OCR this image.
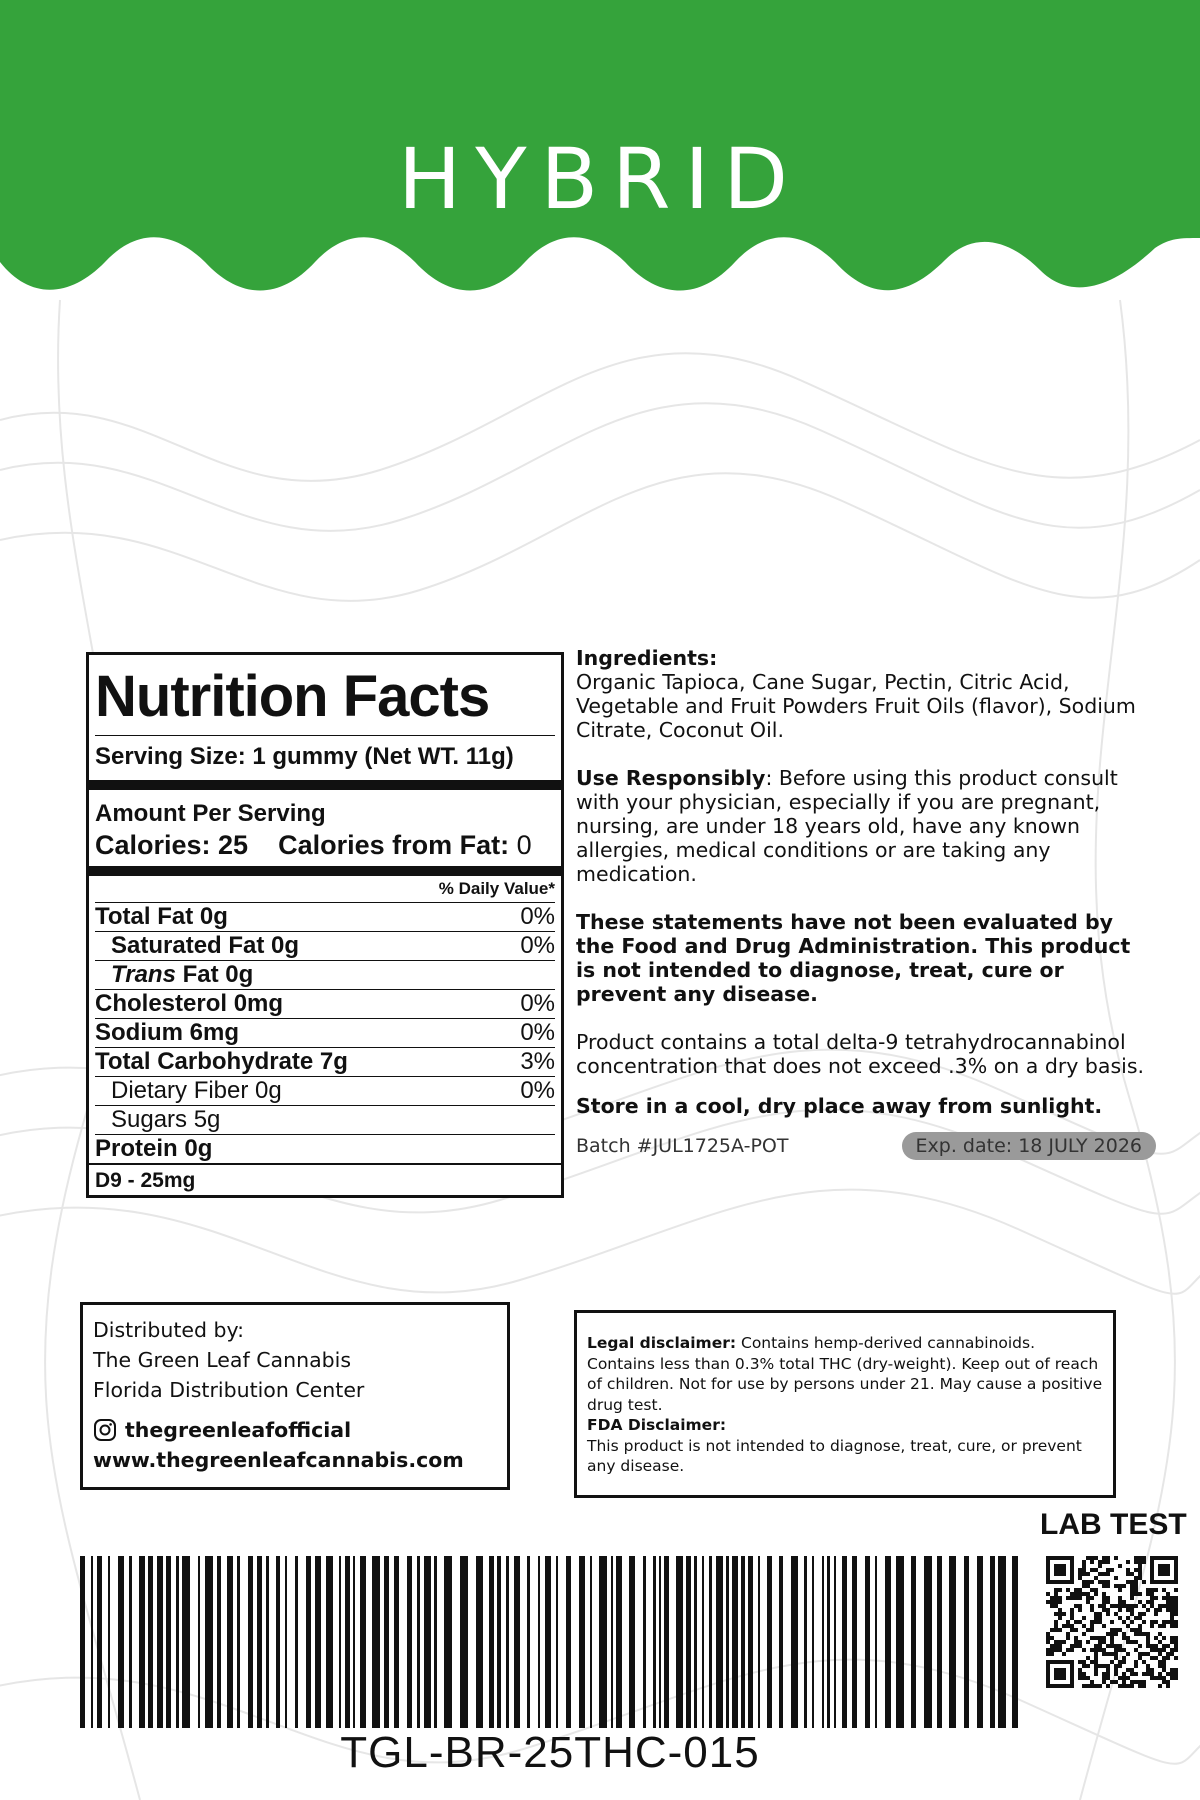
HYBRID
Nutrition Facts
Serving Size: 1 gummy (Net WT. 11g)
Amount Per Serving
Calories: 25 Calories from Fat: 0
% Daily Value*
Total Fat 0g	0%
Saturated Fat 0g	0%
Trans Fat 0g
Cholesterol 0mg	0%
Sodium 6mg	0%
Total Carbohydrate 7g	3%
Dietary Fiber 0g	0%
Sugars 5g
Protein 0g
D9 - 25mg

Ingredients:

Organic Tapioca, Cane Sugar, Pectin, Citric Acid, Vegetable and Fruit Powders Fruit Oils (flavor), Sodium Citrate, Coconut Oil.

Use Responsibly: Before using this product consult with your physician, especially if you are pregnant, nursing, are under 18 years old, have any known allergies, medical conditions or are taking any medication.

These statements have not been evaluated by the Food and Drug Administration. This product is not intended to diagnose, treat, cure or prevent any disease.

Product contains a total delta-9 tetrahydrocannabinol concentration that does not exceed .3% on a dry basis.

Store in a cool, dry place away from sunlight.

Batch #JUL1725A-POT	Exp. date: 18 JULY 2026
Distributed by:
The Green Leaf Cannabis
Florida Distribution Center
thegreenleafofficial
www.thegreenleafcannabis.com

Legal disclaimer: Contains hemp-derived cannabinoids. Contains less than 0.3% total THC (dry-weight). Keep out of reach of children. Not for use by persons under 21. May cause a positive drug test.

FDA Disclaimer:

This product is not intended to diagnose, treat, cure, or prevent any disease.

LAB TEST
TGL-BR-25THC-015
